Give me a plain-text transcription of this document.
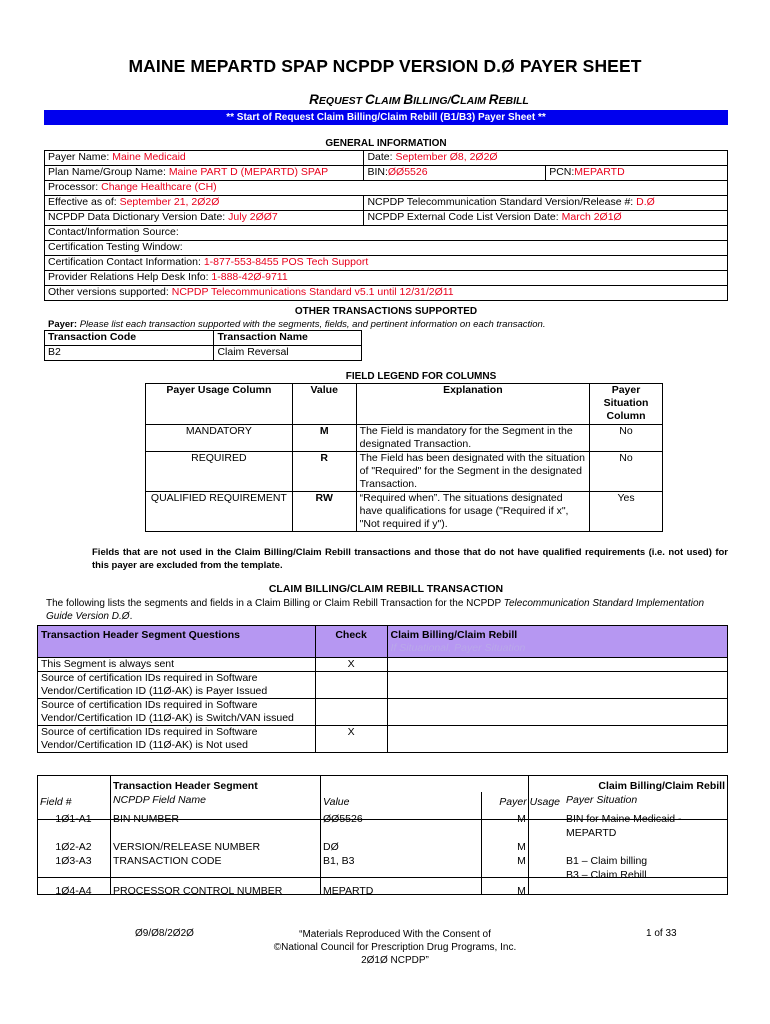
MAINE MEPARTD SPAP NCPDP VERSION D.Ø PAYER SHEET
REQUEST CLAIM BILLING/CLAIM REBILL
** Start of Request Claim Billing/Claim Rebill (B1/B3) Payer Sheet **
GENERAL INFORMATION
Payer Name: Maine Medicaid	Date: September Ø8, 2Ø2Ø	
Plan Name/Group Name: Maine PART D (MEPARTD) SPAP	BIN:ØØ5526	PCN:MEPARTD
Processor: Change Healthcare (CH)		
Effective as of: September 21, 2Ø2Ø	NCPDP Telecommunication Standard Version/Release #: D.Ø	
NCPDP Data Dictionary Version Date: July 2ØØ7	NCPDP External Code List Version Date: March 2Ø1Ø	
Contact/Information Source:		
Certification Testing Window:		
Certification Contact Information: 1-877-553-8455 POS Tech Support		
Provider Relations Help Desk Info: 1-888-42Ø-9711		
Other versions supported: NCPDP Telecommunications Standard v5.1 until 12/31/2Ø11		
OTHER TRANSACTIONS SUPPORTED
Payer: Please list each transaction supported with the segments, fields, and pertinent information on each transaction.
Transaction Code	Transaction Name
B2	Claim Reversal
FIELD LEGEND FOR COLUMNS
Payer Usage Column	Value	Explanation	Payer Situation Column
MANDATORY	M	The Field is mandatory for the Segment in the designated Transaction.	No
REQUIRED	R	The Field has been designated with the situation of "Required" for the Segment in the designated Transaction.	No
QUALIFIED REQUIREMENT	RW	“Required when”. The situations designated have qualifications for usage ("Required if x", "Not required if y").	Yes
Fields that are not used in the Claim Billing/Claim Rebill transactions and those that do not have qualified requirements (i.e. not used) for this payer are excluded from the template.
CLAIM BILLING/CLAIM REBILL TRANSACTION
The following lists the segments and fields in a Claim Billing or Claim Rebill Transaction for the NCPDP Telecommunication Standard Implementation Guide Version D.Ø.
Transaction Header Segment Questions	Check	Claim Billing/Claim Rebill
If Situational, Payer Situation

This Segment is always sent	X	
Source of certification IDs required in Software Vendor/Certification ID (11Ø-AK) is Payer Issued		
Source of certification IDs required in Software Vendor/Certification ID (11Ø-AK) is Switch/VAN issued		
Source of certification IDs required in Software Vendor/Certification ID (11Ø-AK) is Not used	X	
	Transaction Header Segment			Claim Billing/Claim Rebill
Field #	NCPDP Field Name	Value	Payer Usage	Payer Situation
1Ø1-A1	BIN NUMBER	ØØ5526	M	BIN for Maine Medicaid - MEPARTD
1Ø2-A2	VERSION/RELEASE NUMBER	DØ	M	
1Ø3-A3	TRANSACTION CODE	B1, B3	M	B1 – Claim billing
B3 – Claim Rebill

1Ø4-A4	PROCESSOR CONTROL NUMBER	MEPARTD	M	
Ø9/Ø8/2Ø2Ø	“Materials Reproduced With the Consent of
©National Council for Prescription Drug Programs, Inc.
2Ø1Ø NCPDP”
1 of 33
